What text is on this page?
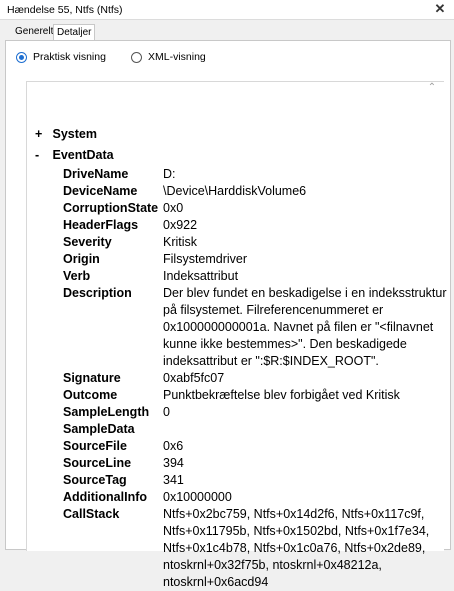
Hændelse 55, Ntfs (Ntfs)	✕
Generelt Detaljer
Praktisk visning	XML-visning
+ System
- EventData
DriveName	D:
DeviceName	\Device\HarddiskVolume6
CorruptionState 0x0
HeaderFlags	0x922
Severity	Kritisk
Origin	Filsystemdriver
Verb	Indeksattribut
Description	Der blev fundet en beskadigelse i en indeksstruktur
på filsystemet. Filreferencenummeret er
0x100000000001a. Navnet på filen er "<filnavnet
kunne ikke bestemmes>". Den beskadigede
indeksattribut er ":$R:$INDEX_ROOT".
Signature	0xabf5fc07
Outcome	Punktbekræftelse blev forbigået ved Kritisk
SampleLength	0
SampleData
SourceFile	0x6
SourceLine	394
SourceTag	341
AdditionalInfo	0x10000000
CallStack	Ntfs+0x2bc759, Ntfs+0x14d2f6, Ntfs+0x117c9f,
Ntfs+0x11795b, Ntfs+0x1502bd, Ntfs+0x1f7e34,
Ntfs+0x1c4b78, Ntfs+0x1c0a76, Ntfs+0x2de89,
ntoskrnl+0x32f75b, ntoskrnl+0x48212a,
ntoskrnl+0x6acd94
⌃
